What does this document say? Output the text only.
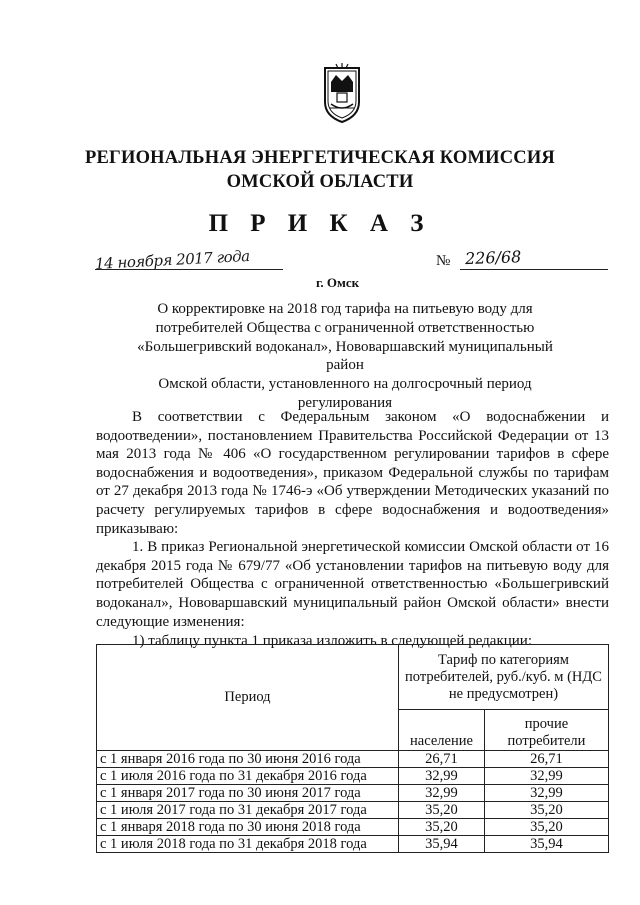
РЕГИОНАЛЬНАЯ ЭНЕРГЕТИЧЕСКАЯ КОМИССИЯ
ОМСКОЙ ОБЛАСТИ
П Р И К А З
14 ноября 2017 года	№ 226/68
г. Омск
О корректировке на 2018 год тарифа на питьевую воду для
потребителей Общества с ограниченной ответственностью
«Большегривский водоканал», Нововаршавский муниципальный район
Омской области, установленного на долгосрочный период
регулирования

В соответствии с Федеральным законом «О водоснабжении и водоотведении», постановлением Правительства Российской Федерации от 13 мая 2013 года № 406 «О государственном регулировании тарифов в сфере водоснабжения и водоотведения», приказом Федеральной службы по тарифам от 27 декабря 2013 года № 1746-э «Об утверждении Методических указаний по расчету регулируемых тарифов в сфере водоснабжения и водоотведения» приказываю:

1. В приказ Региональной энергетической комиссии Омской области от 16 декабря 2015 года № 679/77 «Об установлении тарифов на питьевую воду для потребителей Общества с ограниченной ответственностью «Большегривский водоканал», Нововаршавский муниципальный район Омской области» внести следующие изменения:

1) таблицу пункта 1 приказа изложить в следующей редакции:

Период	Тариф по категориям потребителей, руб./куб. м (НДС не предусмотрен)	
	население	прочие потребители
с 1 января 2016 года по 30 июня 2016 года	26,71	26,71
с 1 июля 2016 года по 31 декабря 2016 года	32,99	32,99
с 1 января 2017 года по 30 июня 2017 года	32,99	32,99
с 1 июля 2017 года по 31 декабря 2017 года	35,20	35,20
с 1 января 2018 года по 30 июня 2018 года	35,20	35,20
с 1 июля 2018 года по 31 декабря 2018 года	35,94	35,94
